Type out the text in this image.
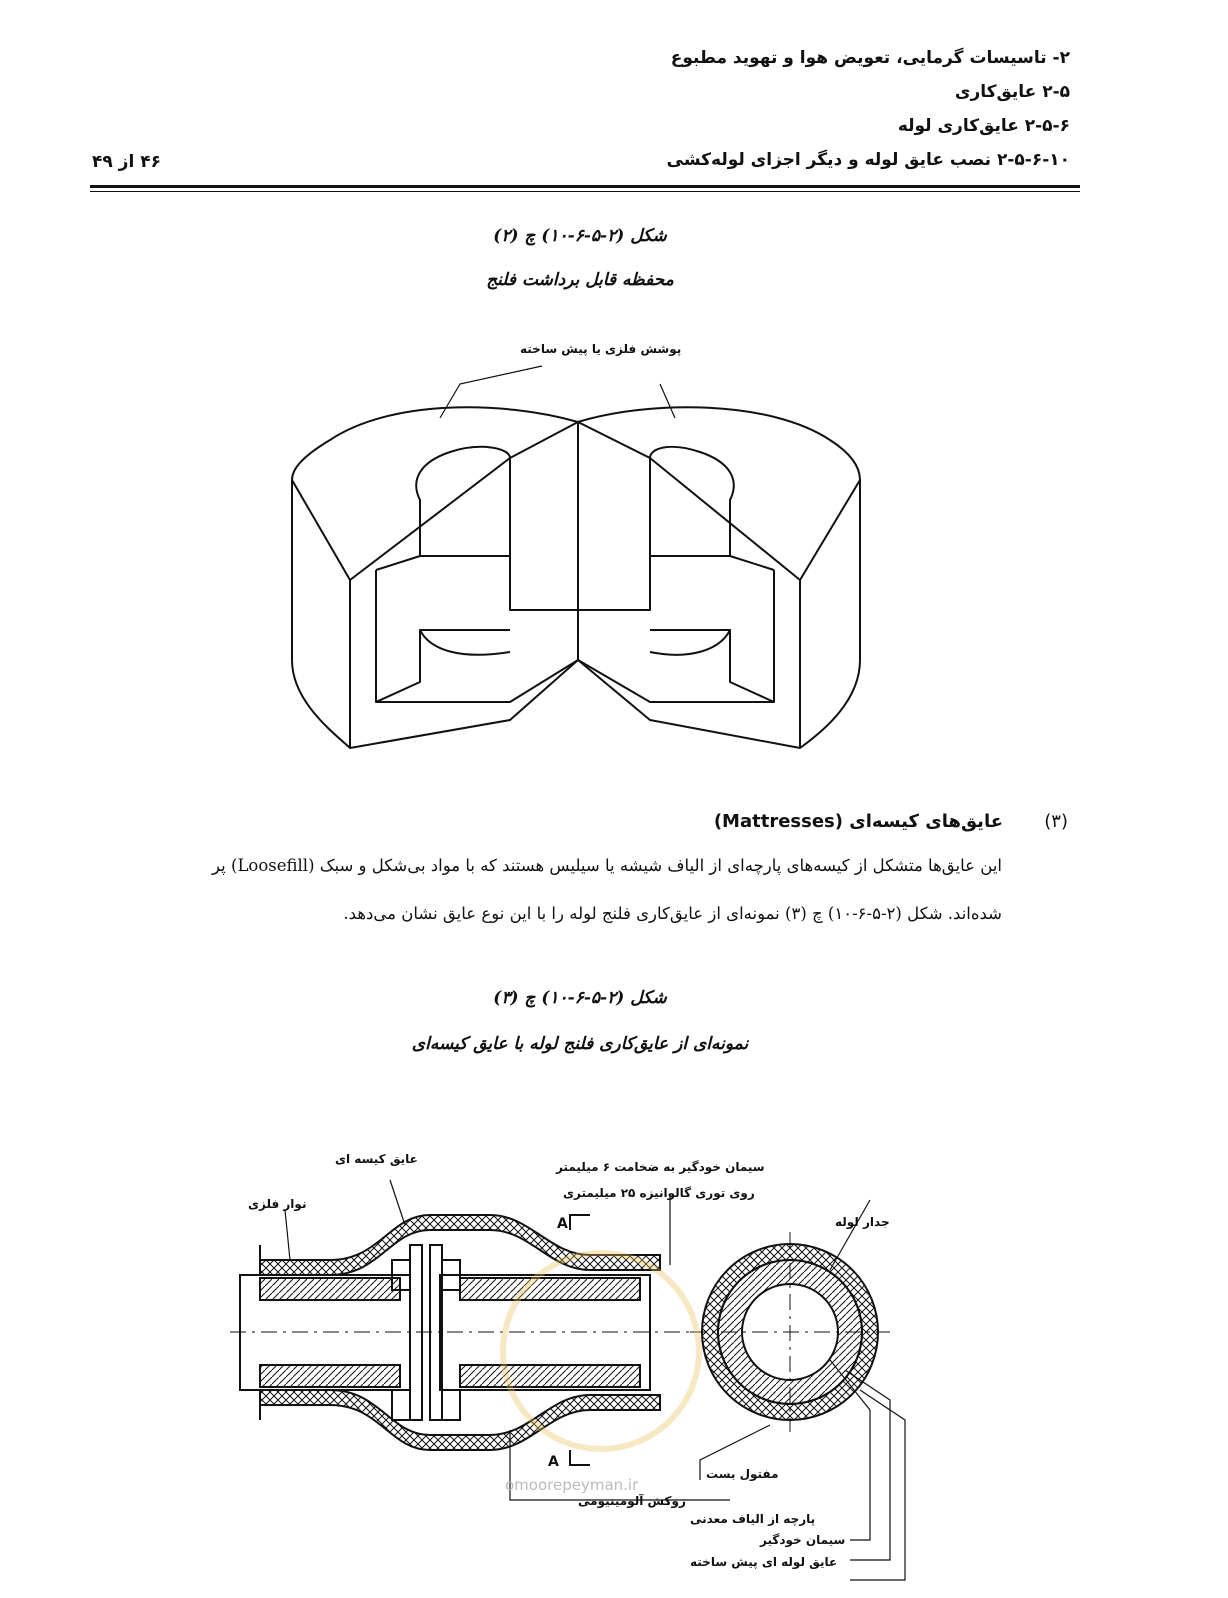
۲- تاسیسات گرمایی، تعویض هوا و تهوید مطبوع
۲-۵ عایق‌کاری
۲-۵-۶ عایق‌کاری لوله
۲-۵-۶-۱۰ نصب عایق لوله و دیگر اجزای لوله‌کشی
۴۶ از ۴۹
شکل (۲-۵-۶-۱۰) چ (۲)
محفظه قابل برداشت فلنج
پوشش فلزی یا پیش ساخته
(۳)
عایق‌های کیسه‌ای (Mattresses)
این عایق‌ها متشکل از کیسه‌های پارچه‌ای از الیاف شیشه یا سیلیس هستند که با مواد بی‌شکل و سبک (Loosefill) پر
شده‌اند. شکل (۲-۵-۶-۱۰) چ (۳) نمونه‌ای از عایق‌کاری فلنج لوله را با این نوع عایق نشان می‌دهد.
شکل (۲-۵-۶-۱۰) چ (۳)
نمونه‌ای از عایق‌کاری فلنج لوله با عایق کیسه‌ای
عایق کیسه ای
نوار فلزی
سیمان خودگیر به ضخامت ۶ میلیمتر
روی توری گالوانیزه ۲۵ میلیمتری
جدار لوله
A
A
مفتول بست
روکش آلومینیومی
پارچه از الیاف معدنی
سیمان خودگیر
عایق لوله ای پیش ساخته
omoorepeyman.ir
